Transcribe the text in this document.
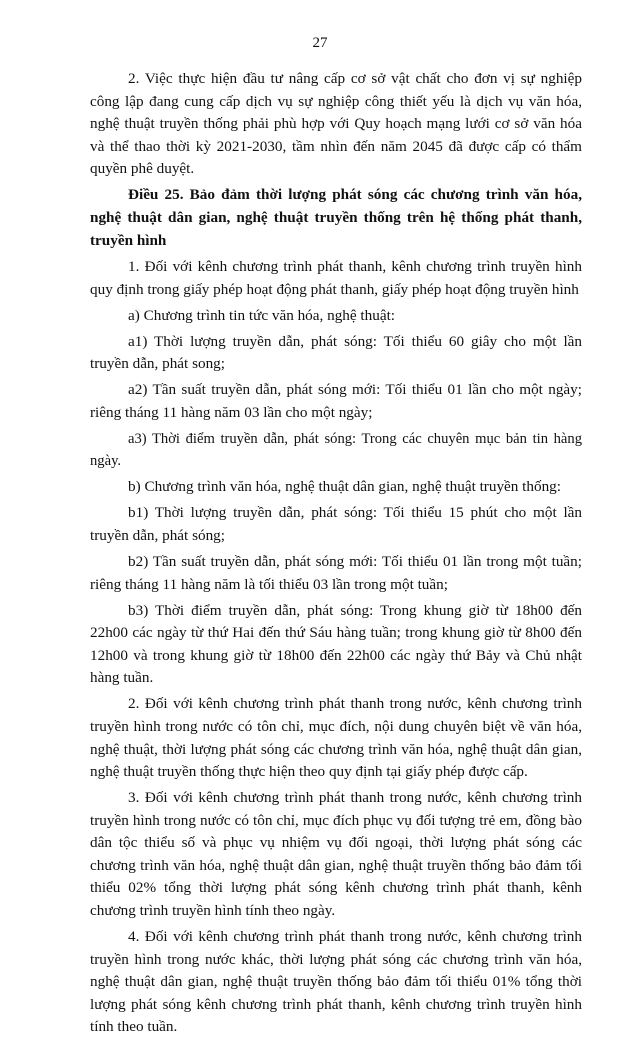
27

2. Việc thực hiện đầu tư nâng cấp cơ sở vật chất cho đơn vị sự nghiệp công lập đang cung cấp dịch vụ sự nghiệp công thiết yếu là dịch vụ văn hóa, nghệ thuật truyền thống phải phù hợp với Quy hoạch mạng lưới cơ sở văn hóa và thể thao thời kỳ 2021-2030, tầm nhìn đến năm 2045 đã được cấp có thẩm quyền phê duyệt.

Điều 25. Bảo đảm thời lượng phát sóng các chương trình văn hóa, nghệ thuật dân gian, nghệ thuật truyền thống trên hệ thống phát thanh, truyền hình

1. Đối với kênh chương trình phát thanh, kênh chương trình truyền hình quy định trong giấy phép hoạt động phát thanh, giấy phép hoạt động truyền hình

a) Chương trình tin tức văn hóa, nghệ thuật:

a1) Thời lượng truyền dẫn, phát sóng: Tối thiểu 60 giây cho một lần truyền dẫn, phát song;

a2) Tần suất truyền dẫn, phát sóng mới: Tối thiểu 01 lần cho một ngày; riêng tháng 11 hàng năm 03 lần cho một ngày;

a3) Thời điểm truyền dẫn, phát sóng: Trong các chuyên mục bản tin hàng ngày.

b) Chương trình văn hóa, nghệ thuật dân gian, nghệ thuật truyền thống:

b1) Thời lượng truyền dẫn, phát sóng: Tối thiểu 15 phút cho một lần truyền dẫn, phát sóng;

b2) Tần suất truyền dẫn, phát sóng mới: Tối thiểu 01 lần trong một tuần; riêng tháng 11 hàng năm là tối thiểu 03 lần trong một tuần;

b3) Thời điểm truyền dẫn, phát sóng: Trong khung giờ từ 18h00 đến 22h00 các ngày từ thứ Hai đến thứ Sáu hàng tuần; trong khung giờ từ 8h00 đến 12h00 và trong khung giờ từ 18h00 đến 22h00 các ngày thứ Bảy và Chủ nhật hàng tuần.

2. Đối với kênh chương trình phát thanh trong nước, kênh chương trình truyền hình trong nước có tôn chỉ, mục đích, nội dung chuyên biệt về văn hóa, nghệ thuật, thời lượng phát sóng các chương trình văn hóa, nghệ thuật dân gian, nghệ thuật truyền thống thực hiện theo quy định tại giấy phép được cấp.

3. Đối với kênh chương trình phát thanh trong nước, kênh chương trình truyền hình trong nước có tôn chỉ, mục đích phục vụ đối tượng trẻ em, đồng bào dân tộc thiểu số và phục vụ nhiệm vụ đối ngoại, thời lượng phát sóng các chương trình văn hóa, nghệ thuật dân gian, nghệ thuật truyền thống bảo đảm tối thiểu 02% tổng thời lượng phát sóng kênh chương trình phát thanh, kênh chương trình truyền hình tính theo ngày.

4. Đối với kênh chương trình phát thanh trong nước, kênh chương trình truyền hình trong nước khác, thời lượng phát sóng các chương trình văn hóa, nghệ thuật dân gian, nghệ thuật truyền thống bảo đảm tối thiểu 01% tổng thời lượng phát sóng kênh chương trình phát thanh, kênh chương trình truyền hình tính theo tuần.
